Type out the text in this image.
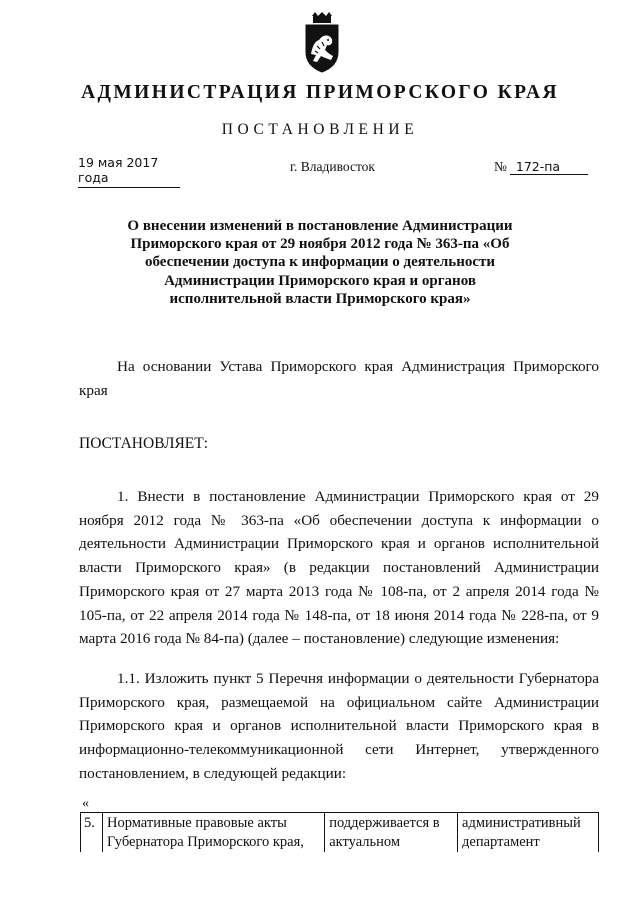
АДМИНИСТРАЦИЯ ПРИМОРСКОГО КРАЯ
ПОСТАНОВЛЕНИЕ
19 мая 2017 года
г. Владивосток	№ 172-па
О внесении изменений в постановление Администрации Приморского края от 29 ноября 2012 года № 363-па «Об обеспечении доступа к информации о деятельности Администрации Приморского края и органов исполнительной власти Приморского края»
На основании Устава Приморского края Администрация Приморского края
ПОСТАНОВЛЯЕТ:
1. Внести в постановление Администрации Приморского края от 29 ноября 2012 года № 363-па «Об обеспечении доступа к информации о деятельности Администрации Приморского края и органов исполнительной власти Приморского края» (в редакции постановлений Администрации Приморского края от 27 марта 2013 года № 108-па, от 2 апреля 2014 года № 105-па, от 22 апреля 2014 года № 148-па, от 18 июня 2014 года № 228-па, от 9 марта 2016 года № 84-па) (далее – постановление) следующие изменения:
1.1. Изложить пункт 5 Перечня информации о деятельности Губернатора Приморского края, размещаемой на официальном сайте Администрации Приморского края и органов исполнительной власти Приморского края в информационно-телекоммуникационной сети Интернет, утвержденного постановлением, в следующей редакции:
«
5.	Нормативные правовые акты Губернатора Приморского края,	поддерживается в актуальном	административный департамент
